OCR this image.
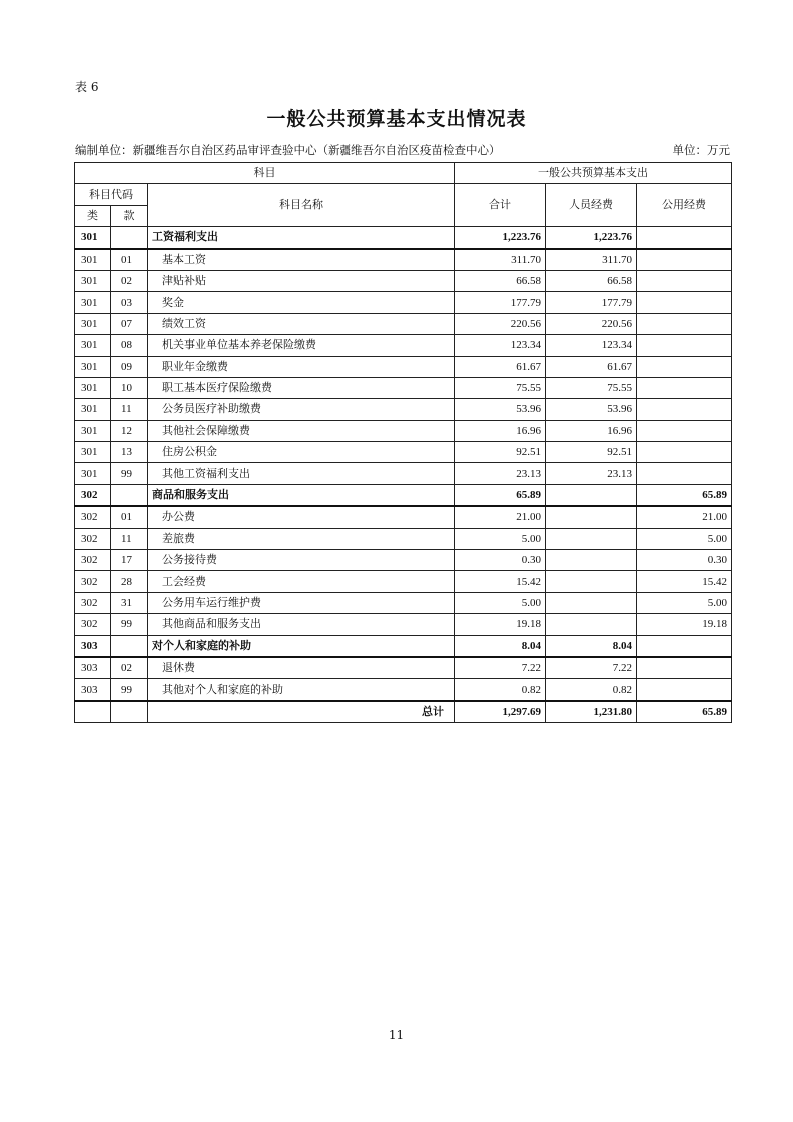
表 6
一般公共预算基本支出情况表
编制单位：新疆维吾尔自治区药品审评查验中心（新疆维吾尔自治区疫苗检查中心）	单位：万元
科目			一般公共预算基本支出		
科目代码		科目名称	合计	人员经费	公用经费
类	款				
301		工资福利支出	1,223.76	1,223.76	
301	01	基本工资	311.70	311.70	
301	02	津贴补贴	66.58	66.58	
301	03	奖金	177.79	177.79	
301	07	绩效工资	220.56	220.56	
301	08	机关事业单位基本养老保险缴费	123.34	123.34	
301	09	职业年金缴费	61.67	61.67	
301	10	职工基本医疗保险缴费	75.55	75.55	
301	11	公务员医疗补助缴费	53.96	53.96	
301	12	其他社会保障缴费	16.96	16.96	
301	13	住房公积金	92.51	92.51	
301	99	其他工资福利支出	23.13	23.13	
302		商品和服务支出	65.89		65.89
302	01	办公费	21.00		21.00
302	11	差旅费	5.00		5.00
302	17	公务接待费	0.30		0.30
302	28	工会经费	15.42		15.42
302	31	公务用车运行维护费	5.00		5.00
302	99	其他商品和服务支出	19.18		19.18
303		对个人和家庭的补助	8.04	8.04	
303	02	退休费	7.22	7.22	
303	99	其他对个人和家庭的补助	0.82	0.82	
		总计	1,297.69	1,231.80	65.89
11
